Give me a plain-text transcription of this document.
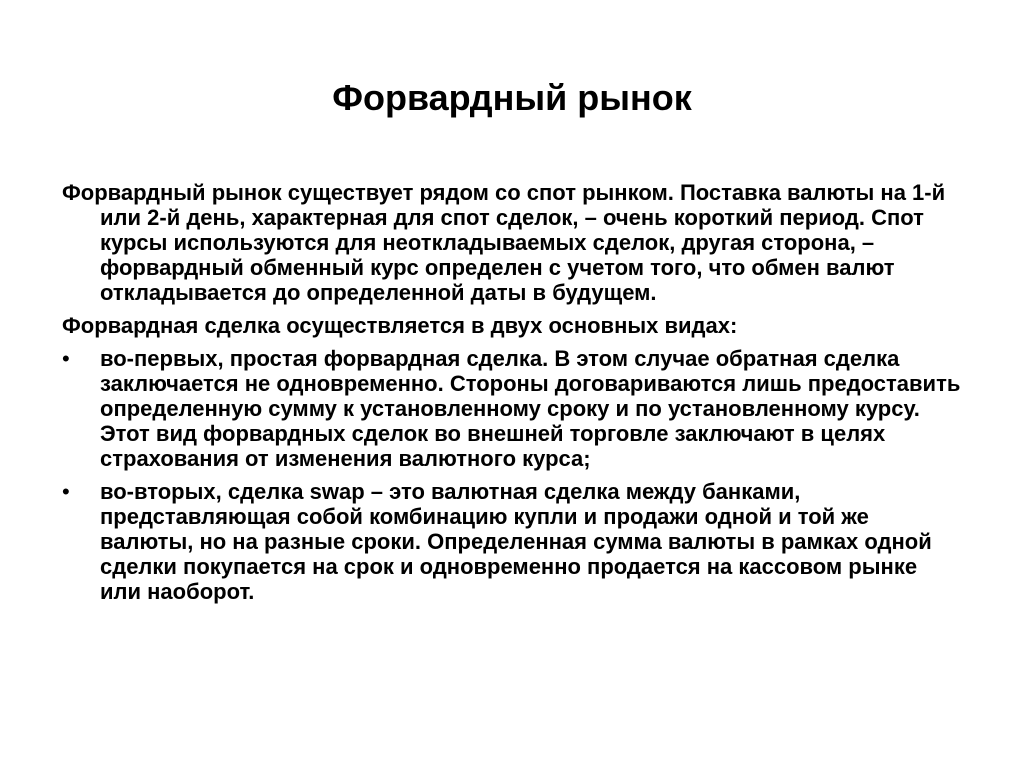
Форвардный рынок

Форвардный рынок существует рядом со спот рынком. Поставка валюты на 1-й или 2-й день, характерная для спот сделок, – очень короткий период. Спот курсы используются для неоткладываемых сделок, другая сторона, – форвардный обменный курс определен с учетом того, что обмен валют откладывается до определенной даты в будущем.

Форвардная сделка осуществляется в двух основных видах:

•	во-первых, простая форвардная сделка. В этом случае обратная сделка заключается не одновременно. Стороны договариваются лишь предоставить определенную сумму к установленному сроку и по установленному курсу. Этот вид форвардных сделок во внешней торговле заключают в целях страхования от изменения валютного курса;
•	во-вторых, сделка swap – это валютная сделка между банками, представляющая собой комбинацию купли и продажи одной и той же валюты, но на разные сроки. Определенная сумма валюты в рамках одной сделки покупается на срок и одновременно продается на кассовом рынке или наоборот.
